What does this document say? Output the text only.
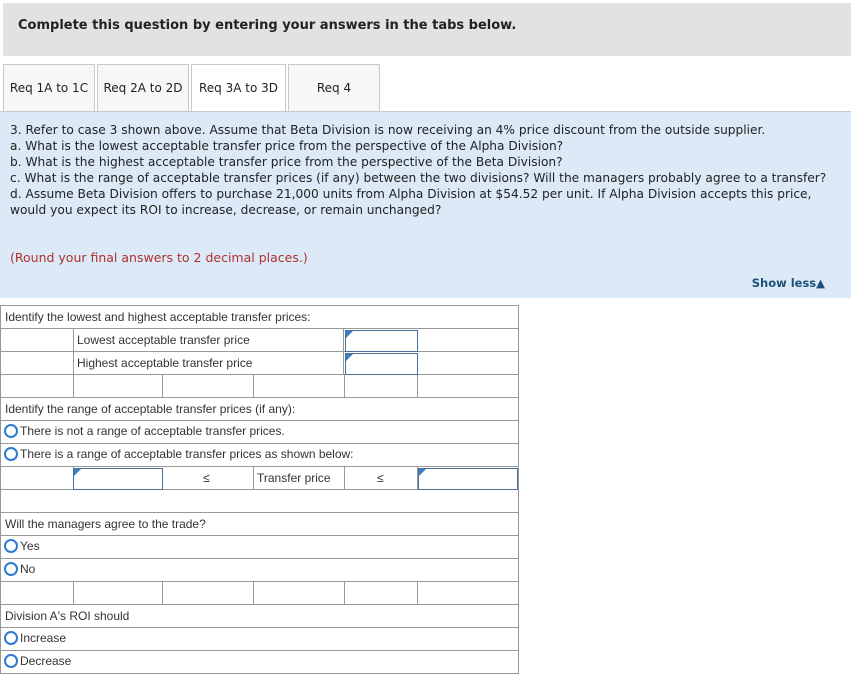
Complete this question by entering your answers in the tabs below.
Req 1A to 1C	Req 2A to 2D	Req 3A to 3D	Req 4

3. Refer to case 3 shown above. Assume that Beta Division is now receiving an 4% price discount from the outside supplier.

a. What is the lowest acceptable transfer price from the perspective of the Alpha Division?

b. What is the highest acceptable transfer price from the perspective of the Beta Division?

c. What is the range of acceptable transfer prices (if any) between the two divisions? Will the managers probably agree to a transfer?

d. Assume Beta Division offers to purchase 21,000 units from Alpha Division at $54.52 per unit. If Alpha Division accepts this price, would you expect its ROI to increase, decrease, or remain unchanged?

(Round your final answers to 2 decimal places.)
Show less▲
Identify the lowest and highest acceptable transfer prices:
Lowest acceptable transfer price
Highest acceptable transfer price
Identify the range of acceptable transfer prices (if any):
There is not a range of acceptable transfer prices.
There is a range of acceptable transfer prices as shown below:
≤	Transfer price	≤
Will the managers agree to the trade?
Yes
No
Division A's ROI should
Increase
Decrease
